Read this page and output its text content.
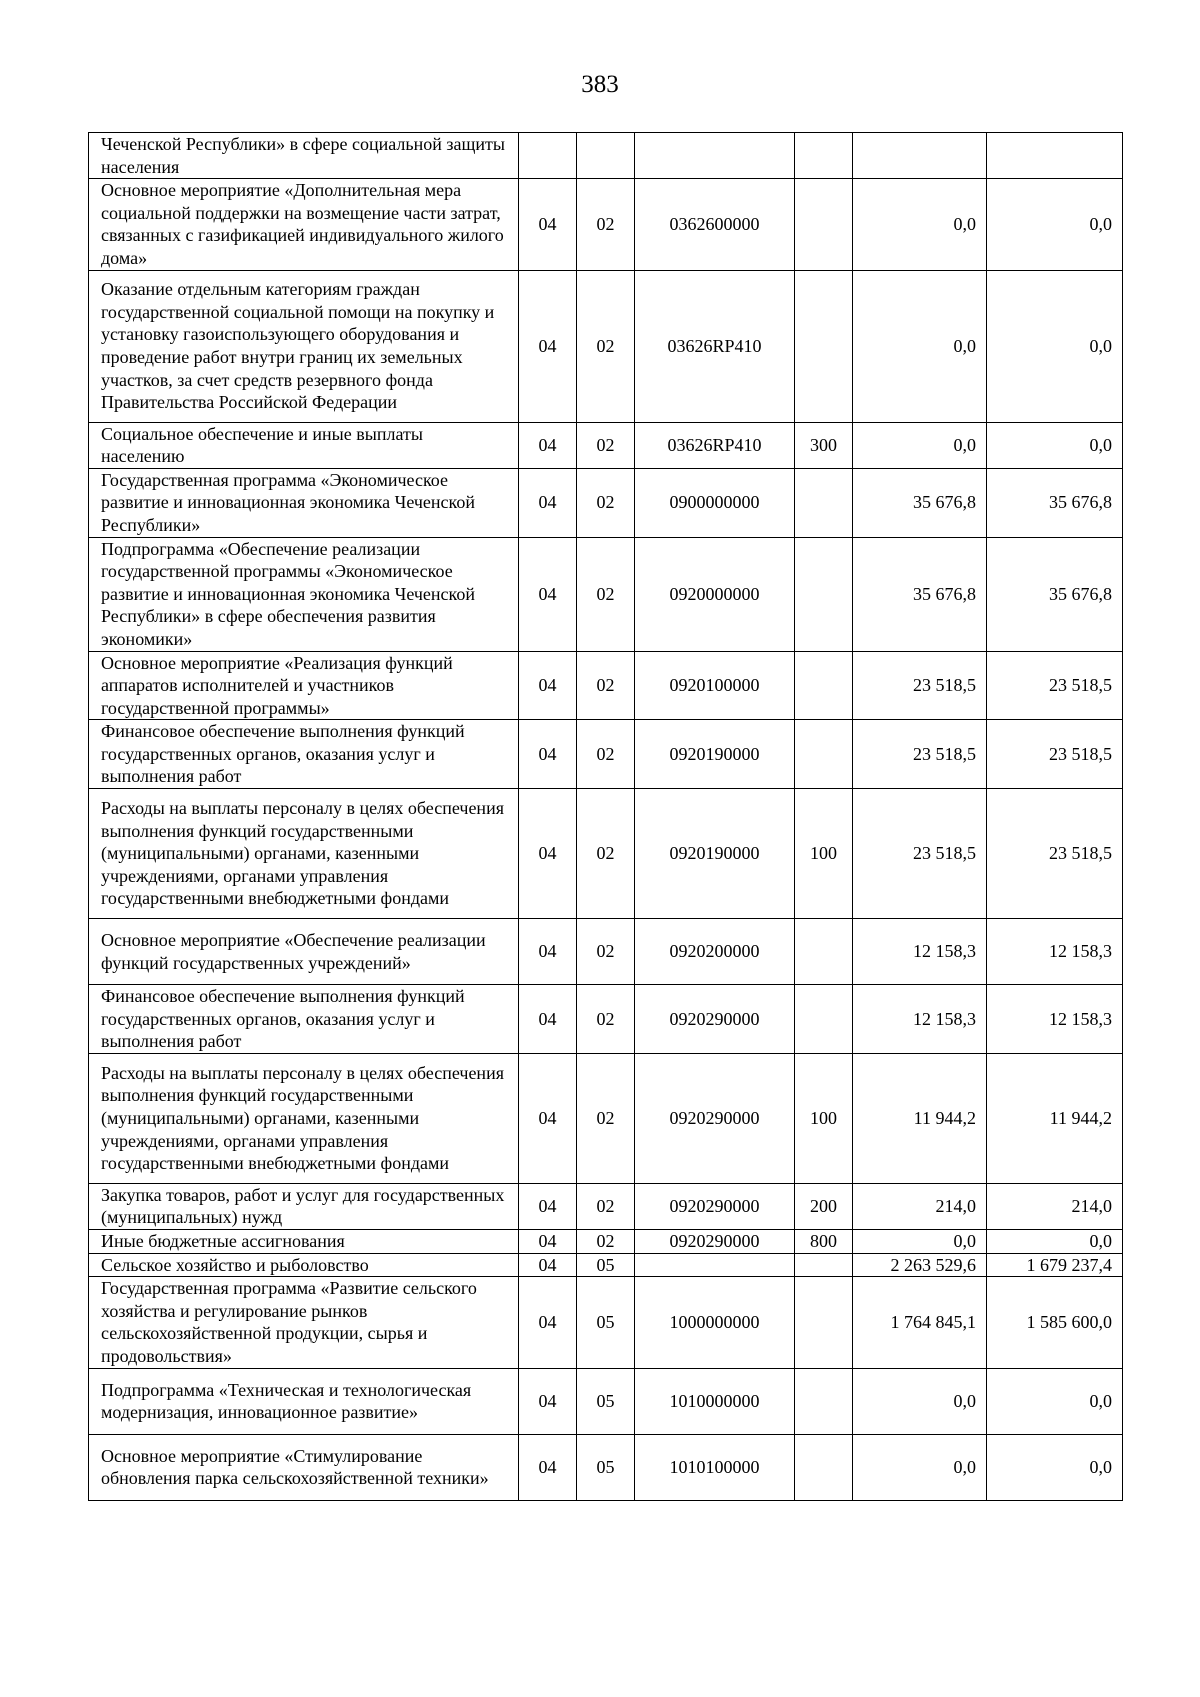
383
Чеченской Республики» в сфере социальной защиты населения						
Основное мероприятие «Дополнительная мера социальной поддержки на возмещение части затрат, связанных с газификацией индивидуального жилого дома»	04	02	0362600000		0,0	0,0
Оказание отдельным категориям граждан государственной социальной помощи на покупку и установку газоиспользующего оборудования и проведение работ внутри границ их земельных участков, за счет средств резервного фонда Правительства Российской Федерации	04	02	03626RP410		0,0	0,0
Социальное обеспечение и иные выплаты населению	04	02	03626RP410	300	0,0	0,0
Государственная программа «Экономическое развитие и инновационная экономика Чеченской Республики»	04	02	0900000000		35 676,8	35 676,8
Подпрограмма «Обеспечение реализации государственной программы «Экономическое развитие и инновационная экономика Чеченской Республики» в сфере обеспечения развития экономики»	04	02	0920000000		35 676,8	35 676,8
Основное мероприятие «Реализация функций аппаратов исполнителей и участников государственной программы»	04	02	0920100000		23 518,5	23 518,5
Финансовое обеспечение выполнения функций государственных органов, оказания услуг и выполнения работ	04	02	0920190000		23 518,5	23 518,5
Расходы на выплаты персоналу в целях обеспечения выполнения функций государственными (муниципальными) органами, казенными учреждениями, органами управления государственными внебюджетными фондами	04	02	0920190000	100	23 518,5	23 518,5
Основное мероприятие «Обеспечение реализации функций государственных учреждений»	04	02	0920200000		12 158,3	12 158,3
Финансовое обеспечение выполнения функций государственных органов, оказания услуг и выполнения работ	04	02	0920290000		12 158,3	12 158,3
Расходы на выплаты персоналу в целях обеспечения выполнения функций государственными (муниципальными) органами, казенными учреждениями, органами управления государственными внебюджетными фондами	04	02	0920290000	100	11 944,2	11 944,2
Закупка товаров, работ и услуг для государственных (муниципальных) нужд	04	02	0920290000	200	214,0	214,0
Иные бюджетные ассигнования	04	02	0920290000	800	0,0	0,0
Сельское хозяйство и рыболовство	04	05			2 263 529,6	1 679 237,4
Государственная программа «Развитие сельского хозяйства и регулирование рынков сельскохозяйственной продукции, сырья и продовольствия»	04	05	1000000000		1 764 845,1	1 585 600,0
Подпрограмма «Техническая и технологическая модернизация, инновационное развитие»	04	05	1010000000		0,0	0,0
Основное мероприятие «Стимулирование обновления парка сельскохозяйственной техники»	04	05	1010100000		0,0	0,0
